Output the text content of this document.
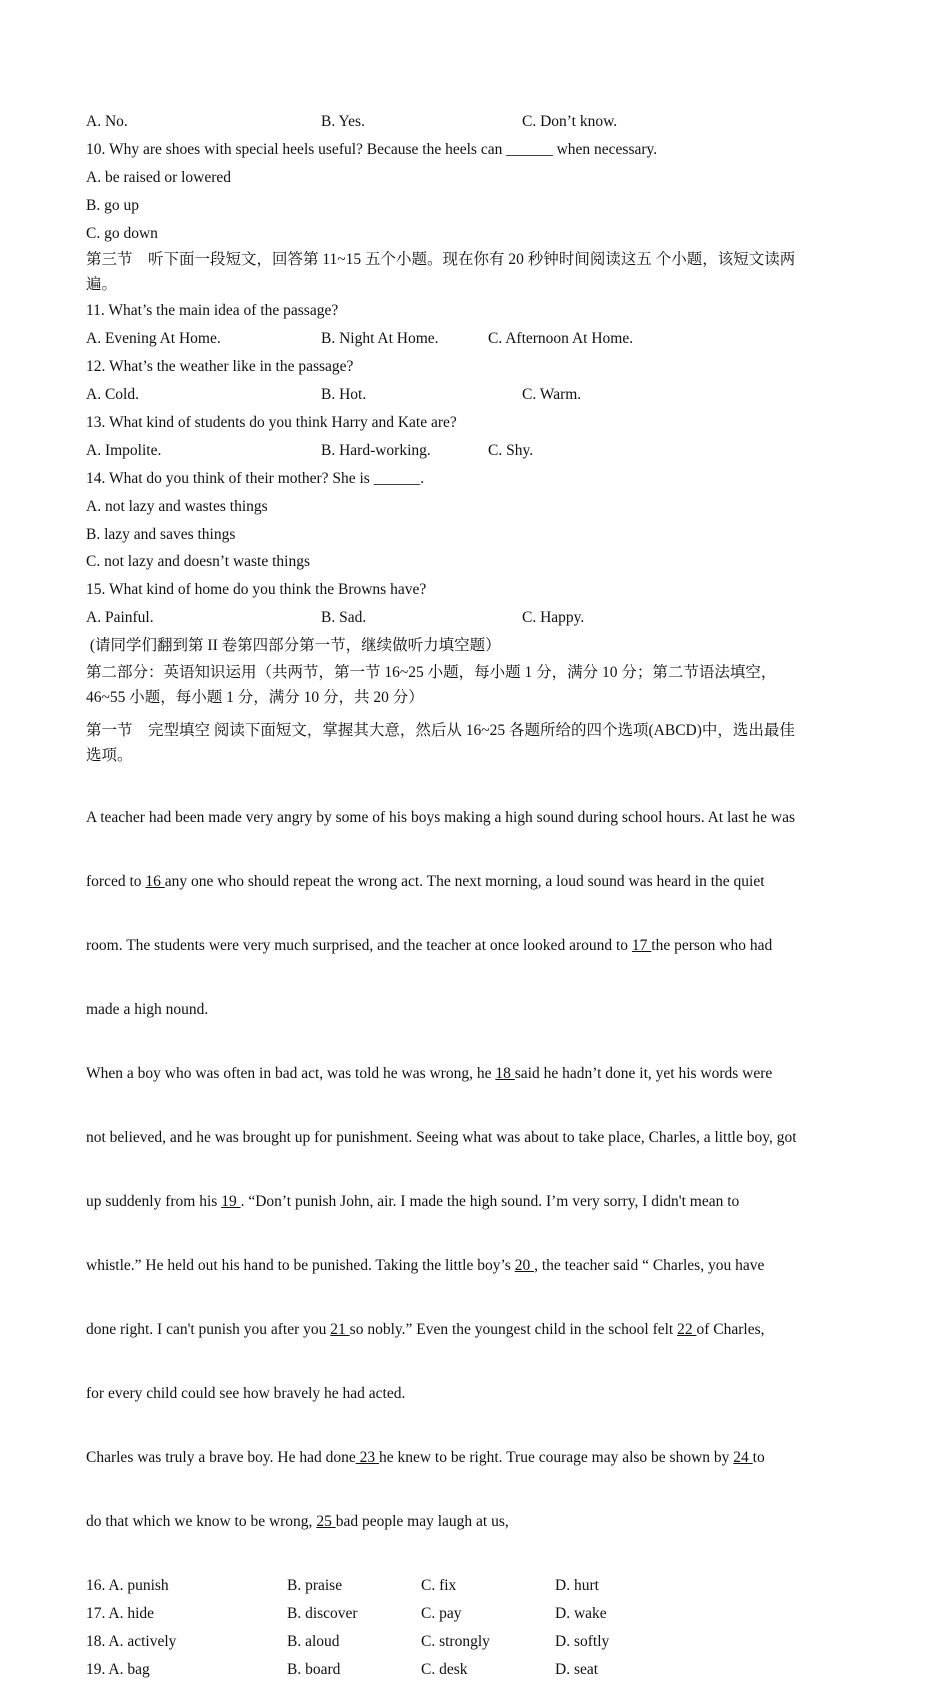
A. No.	B. Yes.	C. Don’t know.
10. Why are shoes with special heels useful? Because the heels can ______ when necessary.
A. be raised or lowered
B. go up
C. go down
第三节　听下面一段短文，回答第 11~15 五个小题。现在你有 20 秒钟时间阅读这五 个小题，该短文读两
遍。
11. What’s the main idea of the passage?
A. Evening At Home.	B. Night At Home.	C. Afternoon At Home.
12. What’s the weather like in the passage?
A. Cold.	B. Hot.	C. Warm.
13. What kind of students do you think Harry and Kate are?
A. Impolite.	B. Hard-working.	C. Shy.
14. What do you think of their mother? She is ______.
A. not lazy and wastes things
B. lazy and saves things
C. not lazy and doesn’t waste things
15. What kind of home do you think the Browns have?
A. Painful.	B. Sad.	C. Happy.
(请同学们翻到第 II 卷第四部分第一节，继续做听力填空题）
第二部分：英语知识运用（共两节，第一节 16~25 小题，每小题 1 分，满分 10 分；第二节语法填空，
46~55 小题，每小题 1 分，满分 10 分，共 20 分）
第一节　完型填空 阅读下面短文，掌握其大意，然后从 16~25 各题所给的四个选项(ABCD)中，选出最佳
选项。

A teacher had been made very angry by some of his boys making a high sound during school hours. At last he was

forced to 16 any one who should repeat the wrong act. The next morning, a loud sound was heard in the quiet

room. The students were very much surprised, and the teacher at once looked around to 17 the person who had

made a high nound.

When a boy who was often in bad act, was told he was wrong, he 18 said he hadn’t done it, yet his words were

not believed, and he was brought up for punishment. Seeing what was about to take place, Charles, a little boy, got

up suddenly from his 19 . “Don’t punish John, air. I made the high sound. I’m very sorry, I didn't mean to

whistle.” He held out his hand to be punished. Taking the little boy’s 20 , the teacher said “ Charles, you have

done right. I can't punish you after you 21 so nobly.” Even the youngest child in the school felt 22 of Charles,

for every child could see how bravely he had acted.

Charles was truly a brave boy. He had done 23 he knew to be right. True courage may also be shown by 24 to

do that which we know to be wrong, 25 bad people may laugh at us,

16. A. punish	B. praise	C. fix	D. hurt
17. A. hide	B. discover	C. pay	D. wake
18. A. actively	B. aloud	C. strongly	D. softly
19. A. bag	B. board	C. desk	D. seat
